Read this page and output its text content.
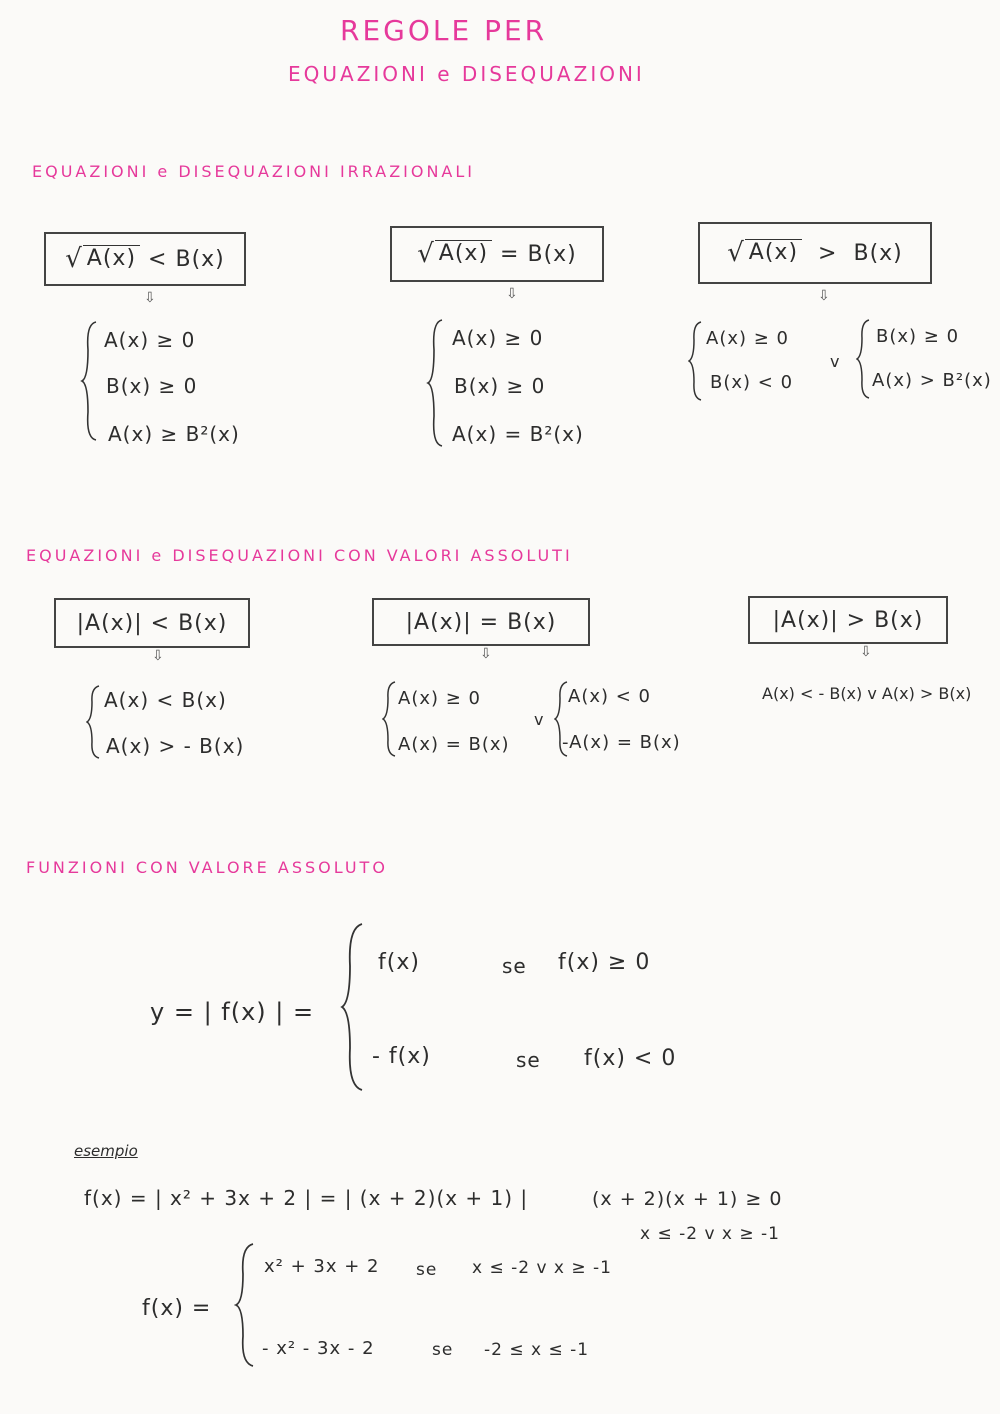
REGOLE PER
EQUAZIONI e DISEQUAZIONI
EQUAZIONI e DISEQUAZIONI IRRAZIONALI
√ A(x)
<
B(x)
⇩
A(x) ≥ 0
B(x) ≥ 0
A(x) ≥ B²(x)
√ A(x)
=
B(x)
⇩
A(x) ≥ 0
B(x) ≥ 0
A(x) = B²(x)
√ A(x)
>
B(x)
⇩
A(x) ≥ 0
B(x) < 0
v
B(x) ≥ 0
A(x) > B²(x)
EQUAZIONI e DISEQUAZIONI CON VALORI ASSOLUTI
|A(x)| < B(x)
⇩
A(x) < B(x)
A(x) > - B(x)
|A(x)| = B(x)
⇩
A(x) ≥ 0
A(x) = B(x)
v
A(x) < 0
-A(x) = B(x)
|A(x)| > B(x)
⇩
A(x) < - B(x) v A(x) > B(x)
FUNZIONI CON VALORE ASSOLUTO
y = | f(x) | =
f(x)	se f(x) ≥ 0
- f(x)	se f(x) < 0
esempio
f(x) = | x² + 3x + 2 | = | (x + 2)(x + 1) |	(x + 2)(x + 1) ≥ 0
x ≤ -2 v x ≥ -1
f(x) =
x² + 3x + 2 se x ≤ -2 v x ≥ -1
- x² - 3x - 2	se -2 ≤ x ≤ -1
